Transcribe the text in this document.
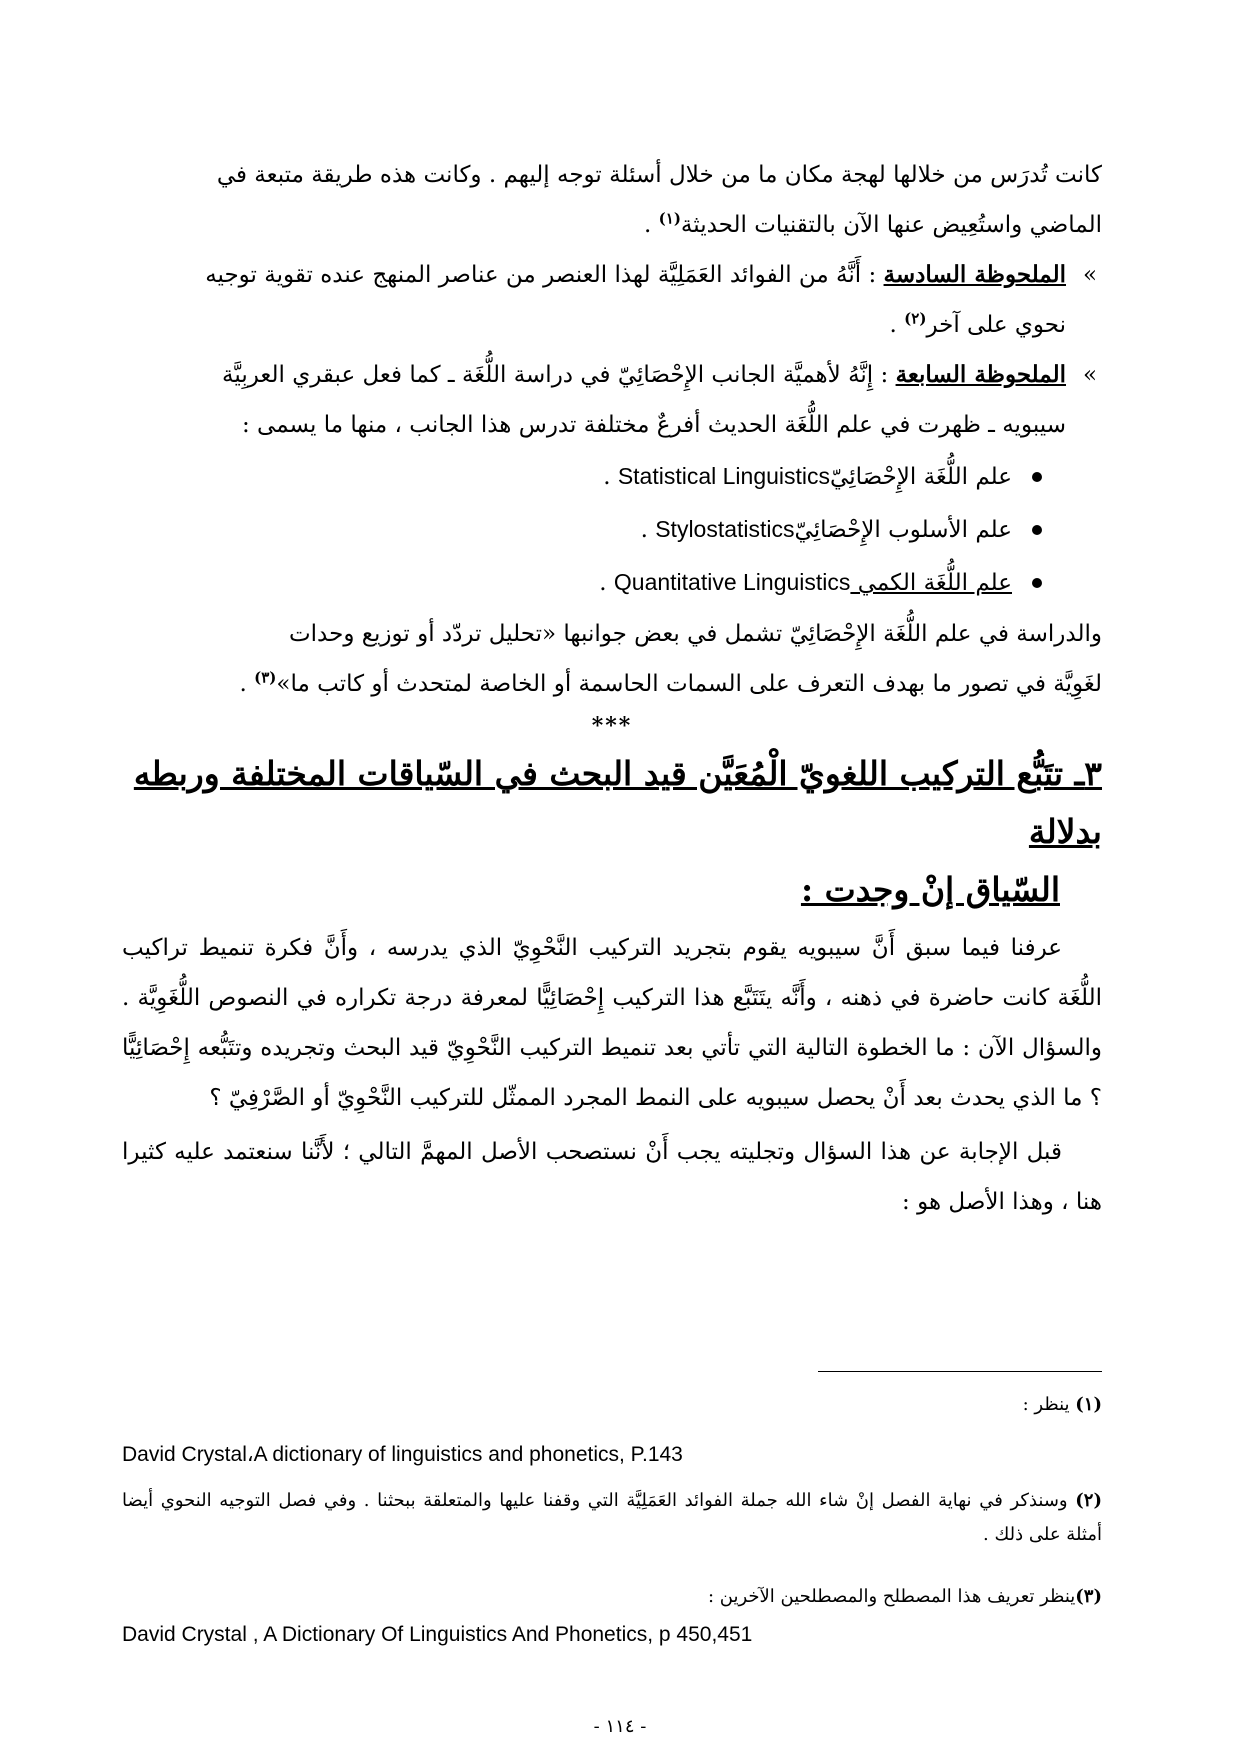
كانت تُدرَس من خلالها لهجة مكان ما من خلال أسئلة توجه إليهم . وكانت هذه طريقة متبعة في
الماضي واستُعِيض عنها الآن بالتقنيات الحديثة$^{(١)}$ .

»
الملحوظة السادسة : أَنَّهُ من الفوائد العَمَلِيَّة لهذا العنصر من عناصر المنهج عنده تقوية توجيه

نحوي على آخر$^{(٢)}$ .

»
الملحوظة السابعة : إِنَّهُ لأهميَّة الجانب الإِحْصَائِيّ في دراسة اللُّغَة ـ كما فعل عبقري العربِيَّة

سيبويه ـ ظهرت في علم اللُّغَة الحديث أفرعٌ مختلفة تدرس هذا الجانب ، منها ما يسمى :

علم اللُّغَة الإِحْصَائِيّStatistical Linguistics .
علم الأسلوب الإِحْصَائِيّStylostatistics .
علم اللُّغَة الكمي Quantitative Linguistics .

والدراسة في علم اللُّغَة الإِحْصَائِيّ تشمل في بعض جوانبها «تحليل تردّد أو توزيع وحدات
لغَوِيَّة في تصور ما بهدف التعرف على السمات الحاسمة أو الخاصة لمتحدث أو كاتب ما»$^{(٣)}$ .

***

٣ـ تتَبُّع التركيب اللغويّ الْمُعَيَّن قيد البحث في السّياقات المختلفة وربطه بدلالة

السّياق إنْ وجدت :

عرفنا فيما سبق أَنَّ سيبويه يقوم بتجريد التركيب النَّحْوِيّ الذي يدرسه ، وأَنَّ فكرة تنميط تراكيب اللُّغَة كانت حاضرة في ذهنه ، وأَنَّه يتَتَبَّع هذا التركيب إِحْصَائِيًّا لمعرفة درجة تكراره في النصوص اللُّغَوِيَّة . والسؤال الآن : ما الخطوة التالية التي تأتي بعد تنميط التركيب النَّحْوِيّ قيد البحث وتجريده وتتَبُّعه إِحْصَائِيًّا ؟ ما الذي يحدث بعد أَنْ يحصل سيبويه على النمط المجرد الممثّل للتركيب النَّحْوِيّ أو الصَّرْفِيّ ؟

قبل الإجابة عن هذا السؤال وتجليته يجب أَنْ نستصحب الأصل المهمَّ التالي ؛ لأَنَّنا سنعتمد عليه كثيرا هنا ، وهذا الأصل هو :

(١) ينظر :
David Crystal،A dictionary of linguistics and phonetics, P.143
(٢) وسنذكر في نهاية الفصل إنْ شاء الله جملة الفوائد العَمَلِيَّة التي وقفنا عليها والمتعلقة ببحثنا . وفي فصل التوجيه النحوي أيضا أمثلة على ذلك .
(٣)ينظر تعريف هذا المصطلح والمصطلحين الآخرين :
David Crystal , A Dictionary Of Linguistics And Phonetics, p 450,451
- ١١٤ -
